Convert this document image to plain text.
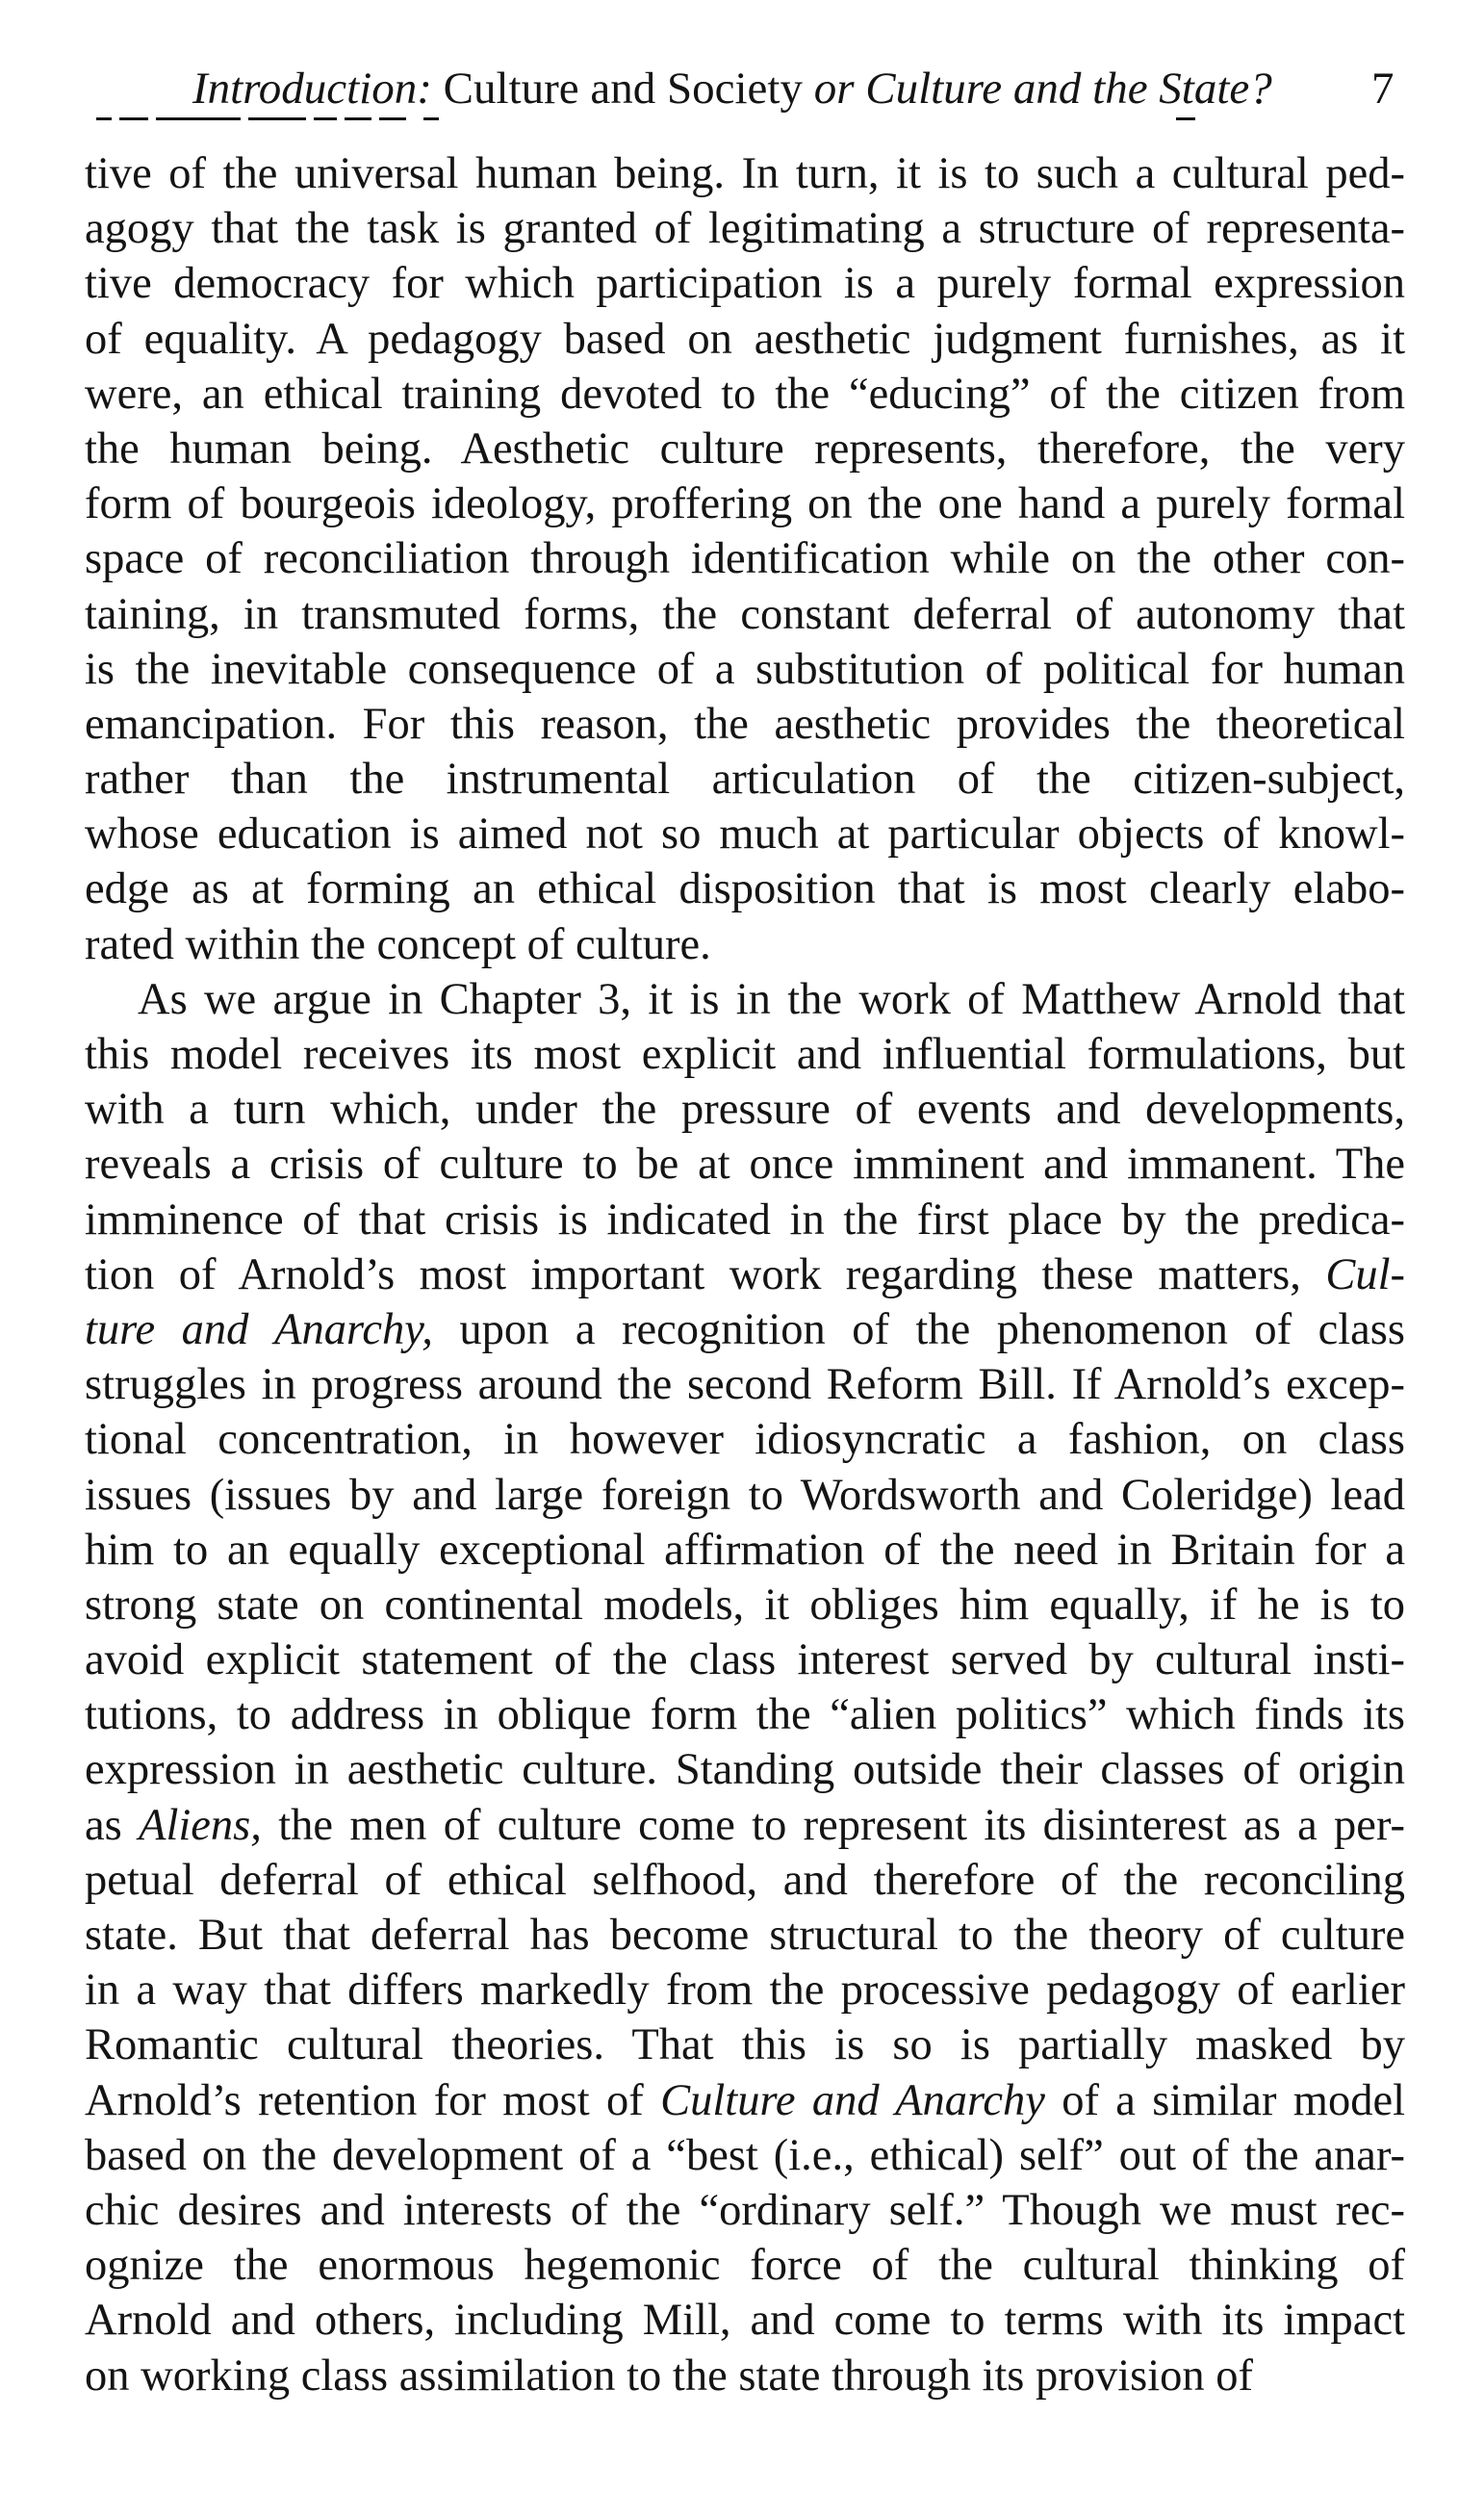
Introduction: Culture and Society or Culture and the State?	7
tive of the universal human being. In turn, it is to such a cultural ped-
agogy that the task is granted of legitimating a structure of representa-
tive democracy for which participation is a purely formal expression
of equality. A pedagogy based on aesthetic judgment furnishes, as it
were, an ethical training devoted to the “educing” of the citizen from
the human being. Aesthetic culture represents, therefore, the very
form of bourgeois ideology, proffering on the one hand a purely formal
space of reconciliation through identification while on the other con-
taining, in transmuted forms, the constant deferral of autonomy that
is the inevitable consequence of a substitution of political for human
emancipation. For this reason, the aesthetic provides the theoretical
rather than the instrumental articulation of the citizen-subject,
whose education is aimed not so much at particular objects of knowl-
edge as at forming an ethical disposition that is most clearly elabo-
rated within the concept of culture.
As we argue in Chapter 3, it is in the work of Matthew Arnold that
this model receives its most explicit and influential formulations, but
with a turn which, under the pressure of events and developments,
reveals a crisis of culture to be at once imminent and immanent. The
imminence of that crisis is indicated in the first place by the predica-
tion of Arnold’s most important work regarding these matters, Cul-
ture and Anarchy, upon a recognition of the phenomenon of class
struggles in progress around the second Reform Bill. If Arnold’s excep-
tional concentration, in however idiosyncratic a fashion, on class
issues (issues by and large foreign to Wordsworth and Coleridge) lead
him to an equally exceptional affirmation of the need in Britain for a
strong state on continental models, it obliges him equally, if he is to
avoid explicit statement of the class interest served by cultural insti-
tutions, to address in oblique form the “alien politics” which finds its
expression in aesthetic culture. Standing outside their classes of origin
as Aliens, the men of culture come to represent its disinterest as a per-
petual deferral of ethical selfhood, and therefore of the reconciling
state. But that deferral has become structural to the theory of culture
in a way that differs markedly from the processive pedagogy of earlier
Romantic cultural theories. That this is so is partially masked by
Arnold’s retention for most of Culture and Anarchy of a similar model
based on the development of a “best (i.e., ethical) self” out of the anar-
chic desires and interests of the “ordinary self.” Though we must rec-
ognize the enormous hegemonic force of the cultural thinking of
Arnold and others, including Mill, and come to terms with its impact
on working class assimilation to the state through its provision of
